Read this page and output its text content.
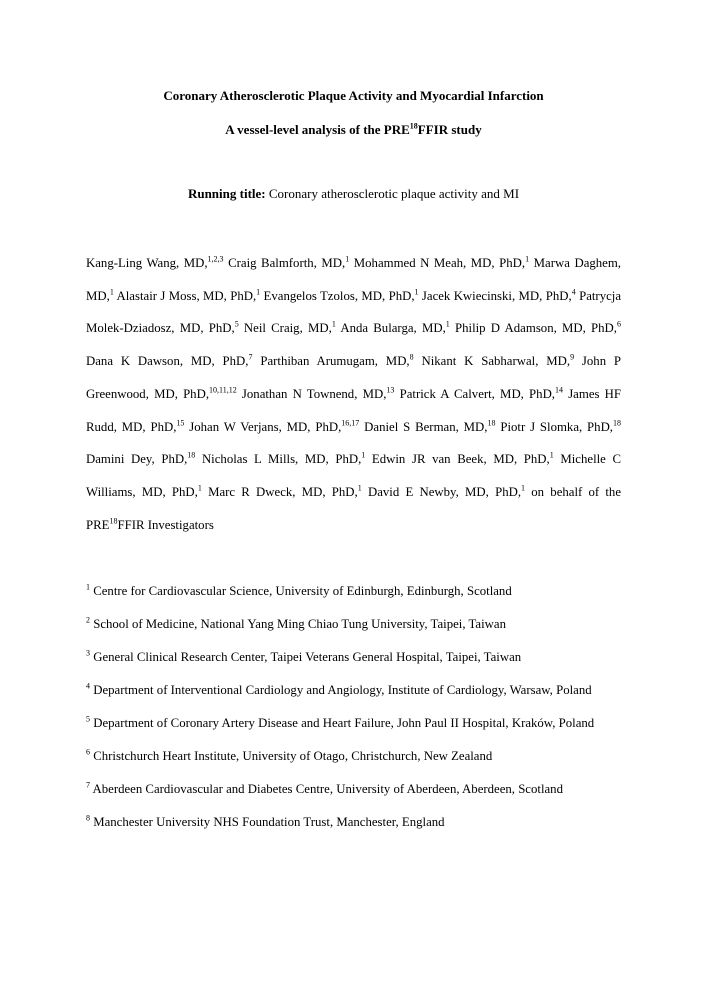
Coronary Atherosclerotic Plaque Activity and Myocardial Infarction
A vessel-level analysis of the PRE$^{18}$FFIR study
Running title: Coronary atherosclerotic plaque activity and MI
Kang-Ling Wang, MD,$^{1,2,3}$ Craig Balmforth, MD,$^1$ Mohammed N Meah, MD, PhD,$^1$ Marwa Daghem, MD,$^1$ Alastair J Moss, MD, PhD,$^1$ Evangelos Tzolos, MD, PhD,$^1$ Jacek Kwiecinski, MD, PhD,$^4$ Patrycja Molek-Dziadosz, MD, PhD,$^5$ Neil Craig, MD,$^1$ Anda Bularga, MD,$^1$ Philip D Adamson, MD, PhD,$^6$ Dana K Dawson, MD, PhD,$^7$ Parthiban Arumugam, MD,$^8$ Nikant K Sabharwal, MD,$^9$ John P Greenwood, MD, PhD,$^{10,11,12}$ Jonathan N Townend, MD,$^{13}$ Patrick A Calvert, MD, PhD,$^{14}$ James HF Rudd, MD, PhD,$^{15}$ Johan W Verjans, MD, PhD,$^{16,17}$ Daniel S Berman, MD,$^{18}$ Piotr J Slomka, PhD,$^{18}$ Damini Dey, PhD,$^{18}$ Nicholas L Mills, MD, PhD,$^1$ Edwin JR van Beek, MD, PhD,$^1$ Michelle C Williams, MD, PhD,$^1$ Marc R Dweck, MD, PhD,$^1$ David E Newby, MD, PhD,$^1$ on behalf of the PRE$^{18}$FFIR Investigators

$^1$ Centre for Cardiovascular Science, University of Edinburgh, Edinburgh, Scotland

$^2$ School of Medicine, National Yang Ming Chiao Tung University, Taipei, Taiwan

$^3$ General Clinical Research Center, Taipei Veterans General Hospital, Taipei, Taiwan

$^4$ Department of Interventional Cardiology and Angiology, Institute of Cardiology, Warsaw, Poland

$^5$ Department of Coronary Artery Disease and Heart Failure, John Paul II Hospital, Kraków, Poland

$^6$ Christchurch Heart Institute, University of Otago, Christchurch, New Zealand

$^7$ Aberdeen Cardiovascular and Diabetes Centre, University of Aberdeen, Aberdeen, Scotland

$^8$ Manchester University NHS Foundation Trust, Manchester, England
